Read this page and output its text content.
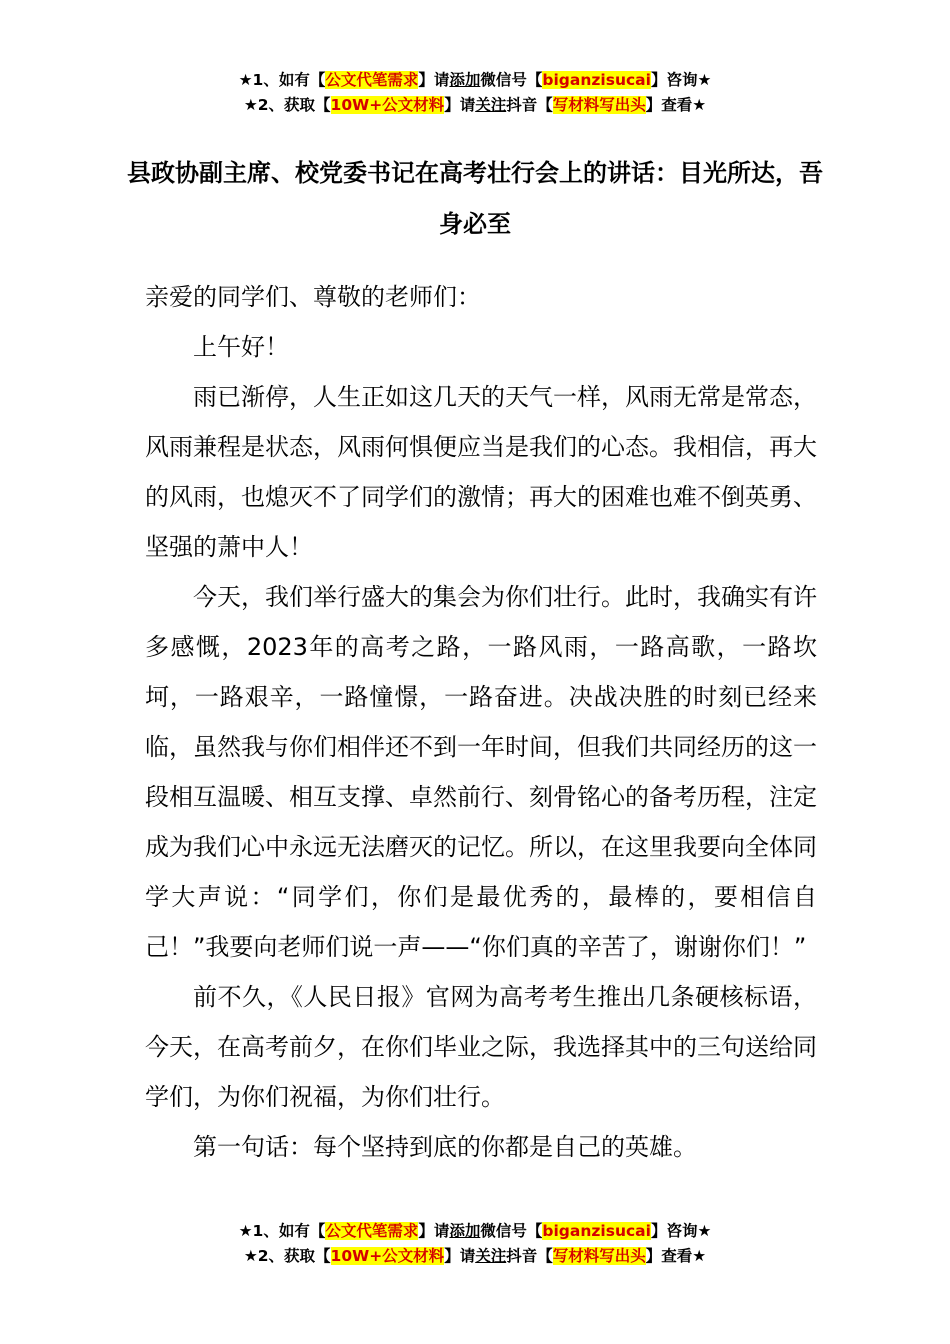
★1、如有【公文代笔需求】请添加微信号【biganzisucai】咨询★
★2、获取【10W+公文材料】请关注抖音【写材料写出头】查看★
县政协副主席、校党委书记在高考壮行会上的讲话：目光所达，吾身必至

亲爱的同学们、尊敬的老师们：

上午好！

雨已渐停，人生正如这几天的天气一样，风雨无常是常态，风雨兼程是状态，风雨何惧便应当是我们的心态。我相信，再大的风雨，也熄灭不了同学们的激情；再大的困难也难不倒英勇、坚强的萧中人！

今天，我们举行盛大的集会为你们壮行。此时，我确实有许多感慨，2023年的高考之路，一路风雨，一路高歌，一路坎坷，一路艰辛，一路憧憬，一路奋进。决战决胜的时刻已经来临，虽然我与你们相伴还不到一年时间，但我们共同经历的这一段相互温暖、相互支撑、卓然前行、刻骨铭心的备考历程，注定成为我们心中永远无法磨灭的记忆。所以，在这里我要向全体同学大声说：“同学们，你们是最优秀的，最棒的，要相信自己！”我要向老师们说一声——“你们真的辛苦了，谢谢你们！”

前不久，《人民日报》官网为高考考生推出几条硬核标语，今天，在高考前夕，在你们毕业之际，我选择其中的三句送给同学们，为你们祝福，为你们壮行。

第一句话：每个坚持到底的你都是自己的英雄。

★1、如有【公文代笔需求】请添加微信号【biganzisucai】咨询★
★2、获取【10W+公文材料】请关注抖音【写材料写出头】查看★
